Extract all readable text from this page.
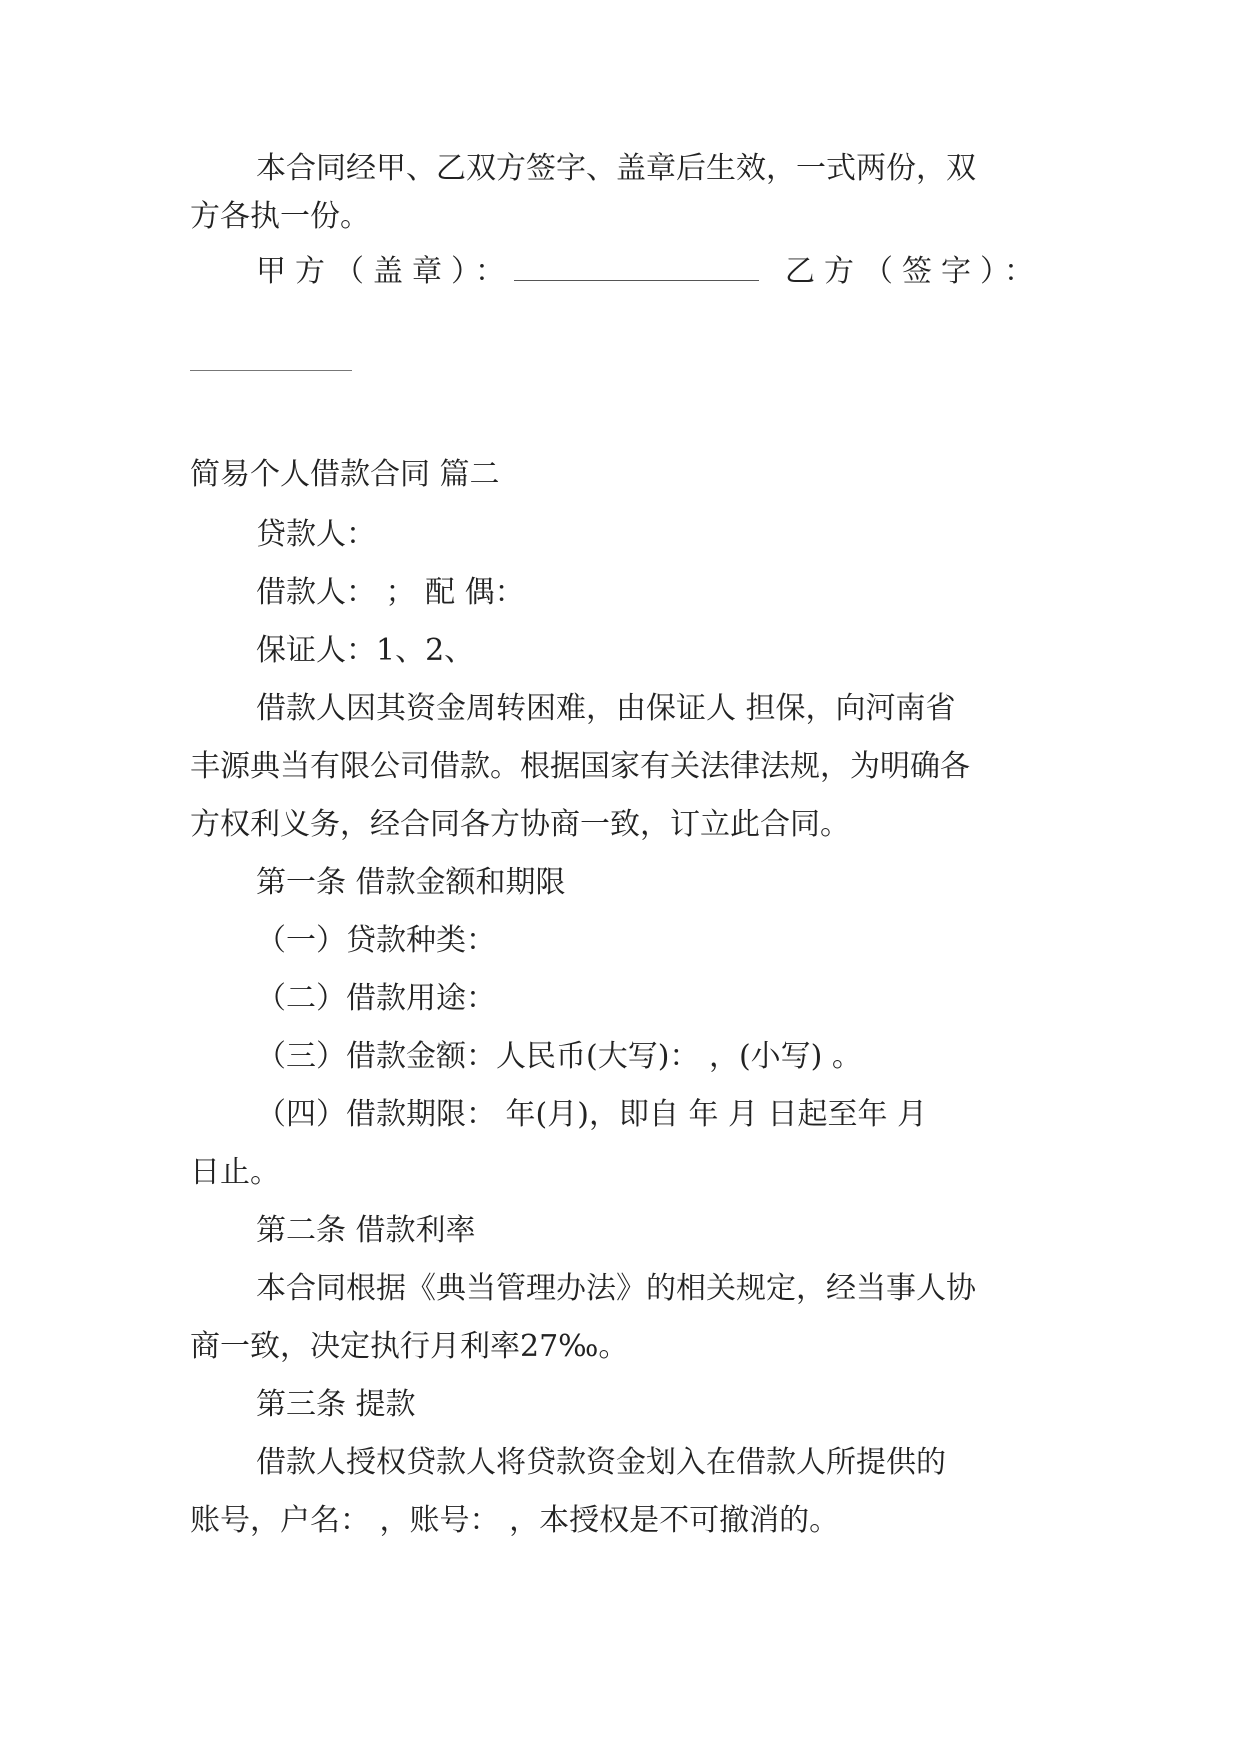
本合同经甲、乙双方签字、盖章后生效，一式两份，双
方各执一份。
甲方（盖章）：	乙方（签字）：
简易个人借款合同 篇二
贷款人：
借款人： ； 配 偶：
保证人：1、2、
借款人因其资金周转困难，由保证人 担保，向河南省
丰源典当有限公司借款。根据国家有关法律法规，为明确各
方权利义务，经合同各方协商一致，订立此合同。
第一条 借款金额和期限
（一）贷款种类：
（二）借款用途：
（三）借款金额：人民币(大写)： ，(小写) 。
（四）借款期限： 年(月)，即自 年 月 日起至年 月
日止。
第二条 借款利率
本合同根据《典当管理办法》的相关规定，经当事人协
商一致，决定执行月利率27‰。
第三条 提款
借款人授权贷款人将贷款资金划入在借款人所提供的
账号，户名： ，账号： ，本授权是不可撤消的。
